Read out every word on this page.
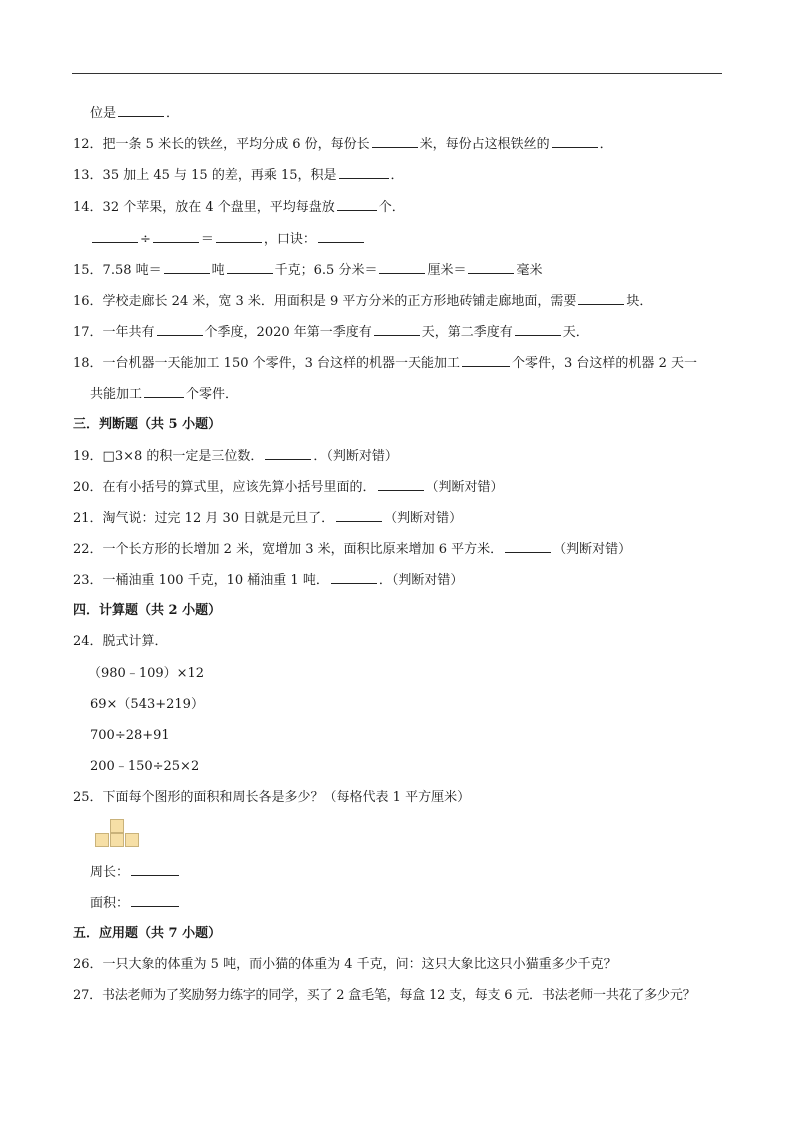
位是	．
12．把一条 5 米长的铁丝，平均分成 6 份，每份长	米，每份占这根铁丝的	．
13．35 加上 45 与 15 的差，再乘 15，积是	．
14．32 个苹果，放在 4 个盘里，平均每盘放	个．
÷	＝	，口诀：
15．7.58 吨＝	吨	千克；6.5 分米＝	厘米＝	毫米
16．学校走廊长 24 米，宽 3 米．用面积是 9 平方分米的正方形地砖铺走廊地面，需要	块．
17．一年共有	个季度，2020 年第一季度有	天，第二季度有	天．
18．一台机器一天能加工 150 个零件，3 台这样的机器一天能加工	个零件，3 台这样的机器 2 天一
共能加工	个零件．
三．判断题（共 5 小题）
19．□3×8 的积一定是三位数．	．（判断对错）
20．在有小括号的算式里，应该先算小括号里面的．	（判断对错）
21．淘气说：过完 12 月 30 日就是元旦了．	（判断对错）
22．一个长方形的长增加 2 米，宽增加 3 米，面积比原来增加 6 平方米．	（判断对错）
23．一桶油重 100 千克，10 桶油重 1 吨．	．（判断对错）
四．计算题（共 2 小题）
24．脱式计算．
（980﹣109）×12
69×（543+219）
700÷28+91
200﹣150÷25×2
25．下面每个图形的面积和周长各是多少？（每格代表 1 平方厘米）
周长：
面积：
五．应用题（共 7 小题）
26．一只大象的体重为 5 吨，而小猫的体重为 4 千克，问：这只大象比这只小猫重多少千克？
27．书法老师为了奖励努力练字的同学，买了 2 盒毛笔，每盒 12 支，每支 6 元．书法老师一共花了多少元？
